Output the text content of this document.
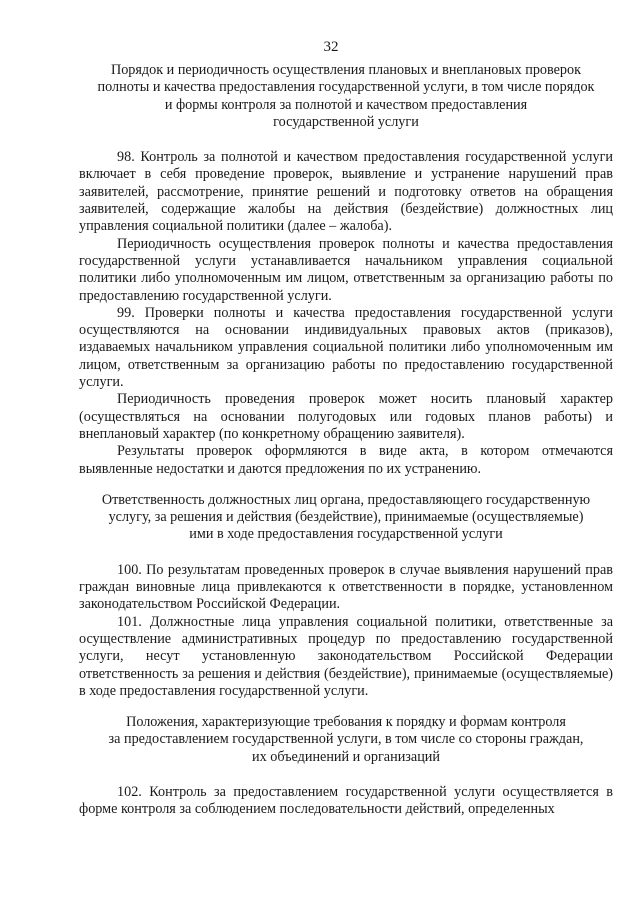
32
Порядок и периодичность осуществления плановых и внеплановых проверок
полноты и качества предоставления государственной услуги, в том числе порядок
и формы контроля за полнотой и качеством предоставления
государственной услуги

98. Контроль за полнотой и качеством предоставления государственной услуги включает в себя проведение проверок, выявление и устранение нарушений прав заявителей, рассмотрение, принятие решений и подготовку ответов на обращения заявителей, содержащие жалобы на действия (бездействие) должностных лиц управления социальной политики (далее – жалоба).

Периодичность осуществления проверок полноты и качества предоставления государственной услуги устанавливается начальником управления социальной политики либо уполномоченным им лицом, ответственным за организацию работы по предоставлению государственной услуги.

99. Проверки полноты и качества предоставления государственной услуги осуществляются на основании индивидуальных правовых актов (приказов), издаваемых начальником управления социальной политики либо уполномоченным им лицом, ответственным за организацию работы по предоставлению государственной услуги.

Периодичность проведения проверок может носить плановый характер (осуществляться на основании полугодовых или годовых планов работы) и внеплановый характер (по конкретному обращению заявителя).

Результаты проверок оформляются в виде акта, в котором отмечаются выявленные недостатки и даются предложения по их устранению.

Ответственность должностных лиц органа, предоставляющего государственную
услугу, за решения и действия (бездействие), принимаемые (осуществляемые)
ими в ходе предоставления государственной услуги

100. По результатам проведенных проверок в случае выявления нарушений прав граждан виновные лица привлекаются к ответственности в порядке, установленном законодательством Российской Федерации.

101. Должностные лица управления социальной политики, ответственные за осуществление административных процедур по предоставлению государственной услуги, несут установленную законодательством Российской Федерации ответственность за решения и действия (бездействие), принимаемые (осуществляемые) в ходе предоставления государственной услуги.

Положения, характеризующие требования к порядку и формам контроля
за предоставлением государственной услуги, в том числе со стороны граждан,
их объединений и организаций

102. Контроль за предоставлением государственной услуги осуществляется в форме контроля за соблюдением последовательности действий, определенных
